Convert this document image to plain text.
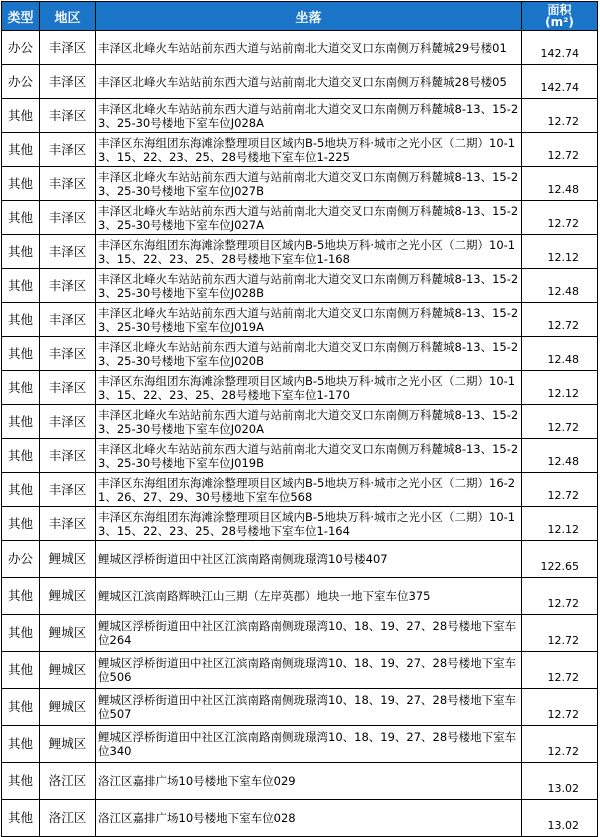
类型	地区	坐落	面积
(m²)

办公	丰泽区	丰泽区北峰火车站站前东西大道与站前南北大道交叉口东南侧万科麓城29号楼01	142.74
办公	丰泽区	丰泽区北峰火车站站前东西大道与站前南北大道交叉口东南侧万科麓城28号楼05	142.74
其他	丰泽区	丰泽区北峰火车站站前东西大道与站前南北大道交叉口东南侧万科麓城8-13、15-23、25-30号楼地下室车位J028A	12.72
其他	丰泽区	丰泽区东海组团东海滩涂整理项目区域内B-5地块万科·城市之光小区（二期）10-13、15、22、23、25、28号楼地下室车位1-225	12.72
其他	丰泽区	丰泽区北峰火车站站前东西大道与站前南北大道交叉口东南侧万科麓城8-13、15-23、25-30号楼地下室车位J027B	12.48
其他	丰泽区	丰泽区北峰火车站站前东西大道与站前南北大道交叉口东南侧万科麓城8-13、15-23、25-30号楼地下室车位J027A	12.72
其他	丰泽区	丰泽区东海组团东海滩涂整理项目区域内B-5地块万科·城市之光小区（二期）10-13、15、22、23、25、28号楼地下室车位1-168	12.12
其他	丰泽区	丰泽区北峰火车站站前东西大道与站前南北大道交叉口东南侧万科麓城8-13、15-23、25-30号楼地下室车位J028B	12.48
其他	丰泽区	丰泽区北峰火车站站前东西大道与站前南北大道交叉口东南侧万科麓城8-13、15-23、25-30号楼地下室车位J019A	12.72
其他	丰泽区	丰泽区北峰火车站站前东西大道与站前南北大道交叉口东南侧万科麓城8-13、15-23、25-30号楼地下室车位J020B	12.48
其他	丰泽区	丰泽区东海组团东海滩涂整理项目区域内B-5地块万科·城市之光小区（二期）10-13、15、22、23、25、28号楼地下室车位1-170	12.12
其他	丰泽区	丰泽区北峰火车站站前东西大道与站前南北大道交叉口东南侧万科麓城8-13、15-23、25-30号楼地下室车位J020A	12.72
其他	丰泽区	丰泽区北峰火车站站前东西大道与站前南北大道交叉口东南侧万科麓城8-13、15-23、25-30号楼地下室车位J019B	12.48
其他	丰泽区	丰泽区东海组团东海滩涂整理项目区域内B-5地块万科·城市之光小区（二期）16-21、26、27、29、30号楼地下室车位568	12.72
其他	丰泽区	丰泽区东海组团东海滩涂整理项目区域内B-5地块万科·城市之光小区（二期）10-13、15、22、23、25、28号楼地下室车位1-164	12.12
办公	鲤城区	鲤城区浮桥街道田中社区江滨南路南侧珑璟湾10号楼407	122.65
其他	鲤城区	鲤城区江滨南路辉映江山三期（左岸英郡）地块一地下室车位375	12.72
其他	鲤城区	鲤城区浮桥街道田中社区江滨南路南侧珑璟湾10、18、19、27、28号楼地下室车位264	12.72
其他	鲤城区	鲤城区浮桥街道田中社区江滨南路南侧珑璟湾10、18、19、27、28号楼地下室车位506	12.72
其他	鲤城区	鲤城区浮桥街道田中社区江滨南路南侧珑璟湾10、18、19、27、28号楼地下室车位507	12.72
其他	鲤城区	鲤城区浮桥街道田中社区江滨南路南侧珑璟湾10、18、19、27、28号楼地下室车位340	12.72
其他	洛江区	洛江区嘉排广场10号楼地下室车位029	13.02
其他	洛江区	洛江区嘉排广场10号楼地下室车位028	13.02
